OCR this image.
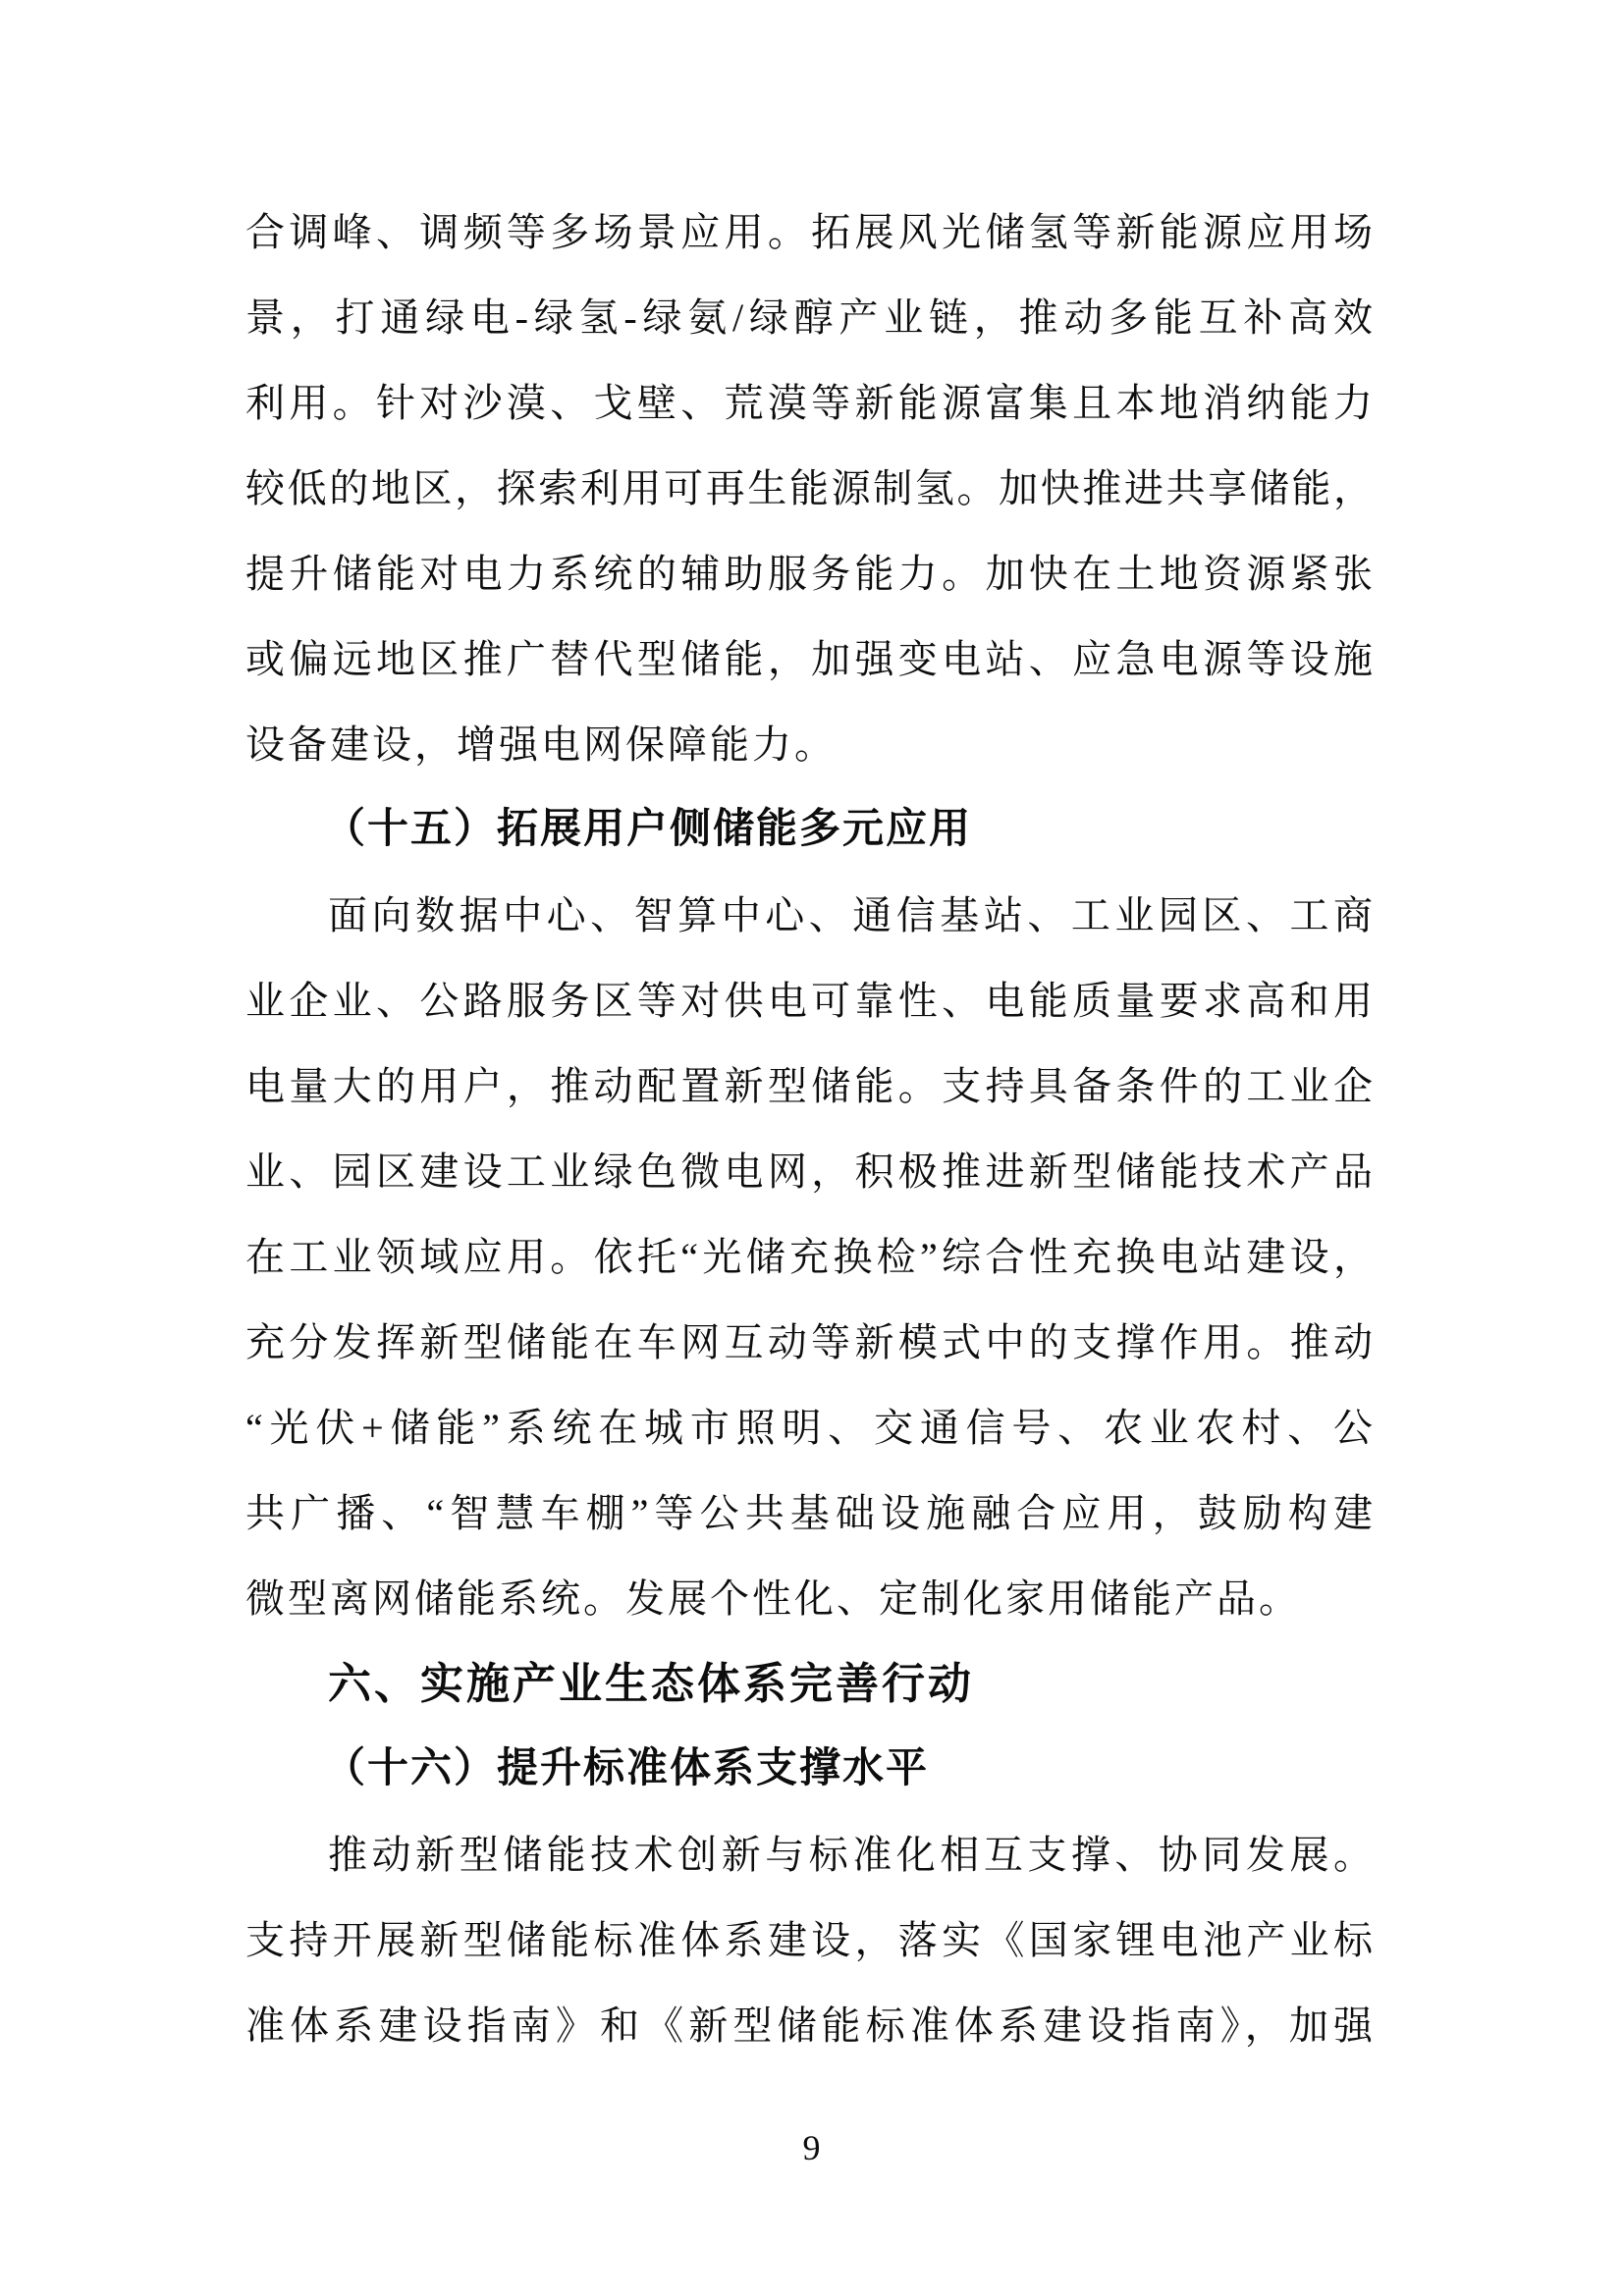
合调峰、调频等多场景应用。拓展风光储氢等新能源应用场
景，打通绿电-绿氢-绿氨/绿醇产业链，推动多能互补高效
利用。针对沙漠、戈壁、荒漠等新能源富集且本地消纳能力
较低的地区，探索利用可再生能源制氢。加快推进共享储能，
提升储能对电力系统的辅助服务能力。加快在土地资源紧张
或偏远地区推广替代型储能，加强变电站、应急电源等设施
设备建设，增强电网保障能力。
（十五）拓展用户侧储能多元应用
面向数据中心、智算中心、通信基站、工业园区、工商
业企业、公路服务区等对供电可靠性、电能质量要求高和用
电量大的用户，推动配置新型储能。支持具备条件的工业企
业、园区建设工业绿色微电网，积极推进新型储能技术产品
在工业领域应用。依托“光储充换检”综合性充换电站建设，
充分发挥新型储能在车网互动等新模式中的支撑作用。推动
“光伏+储能”系统在城市照明、交通信号、农业农村、公
共广播、“智慧车棚”等公共基础设施融合应用，鼓励构建
微型离网储能系统。发展个性化、定制化家用储能产品。
六、实施产业生态体系完善行动
（十六）提升标准体系支撑水平
推动新型储能技术创新与标准化相互支撑、协同发展。
支持开展新型储能标准体系建设，落实《国家锂电池产业标
准体系建设指南》和《新型储能标准体系建设指南》，加强
9
